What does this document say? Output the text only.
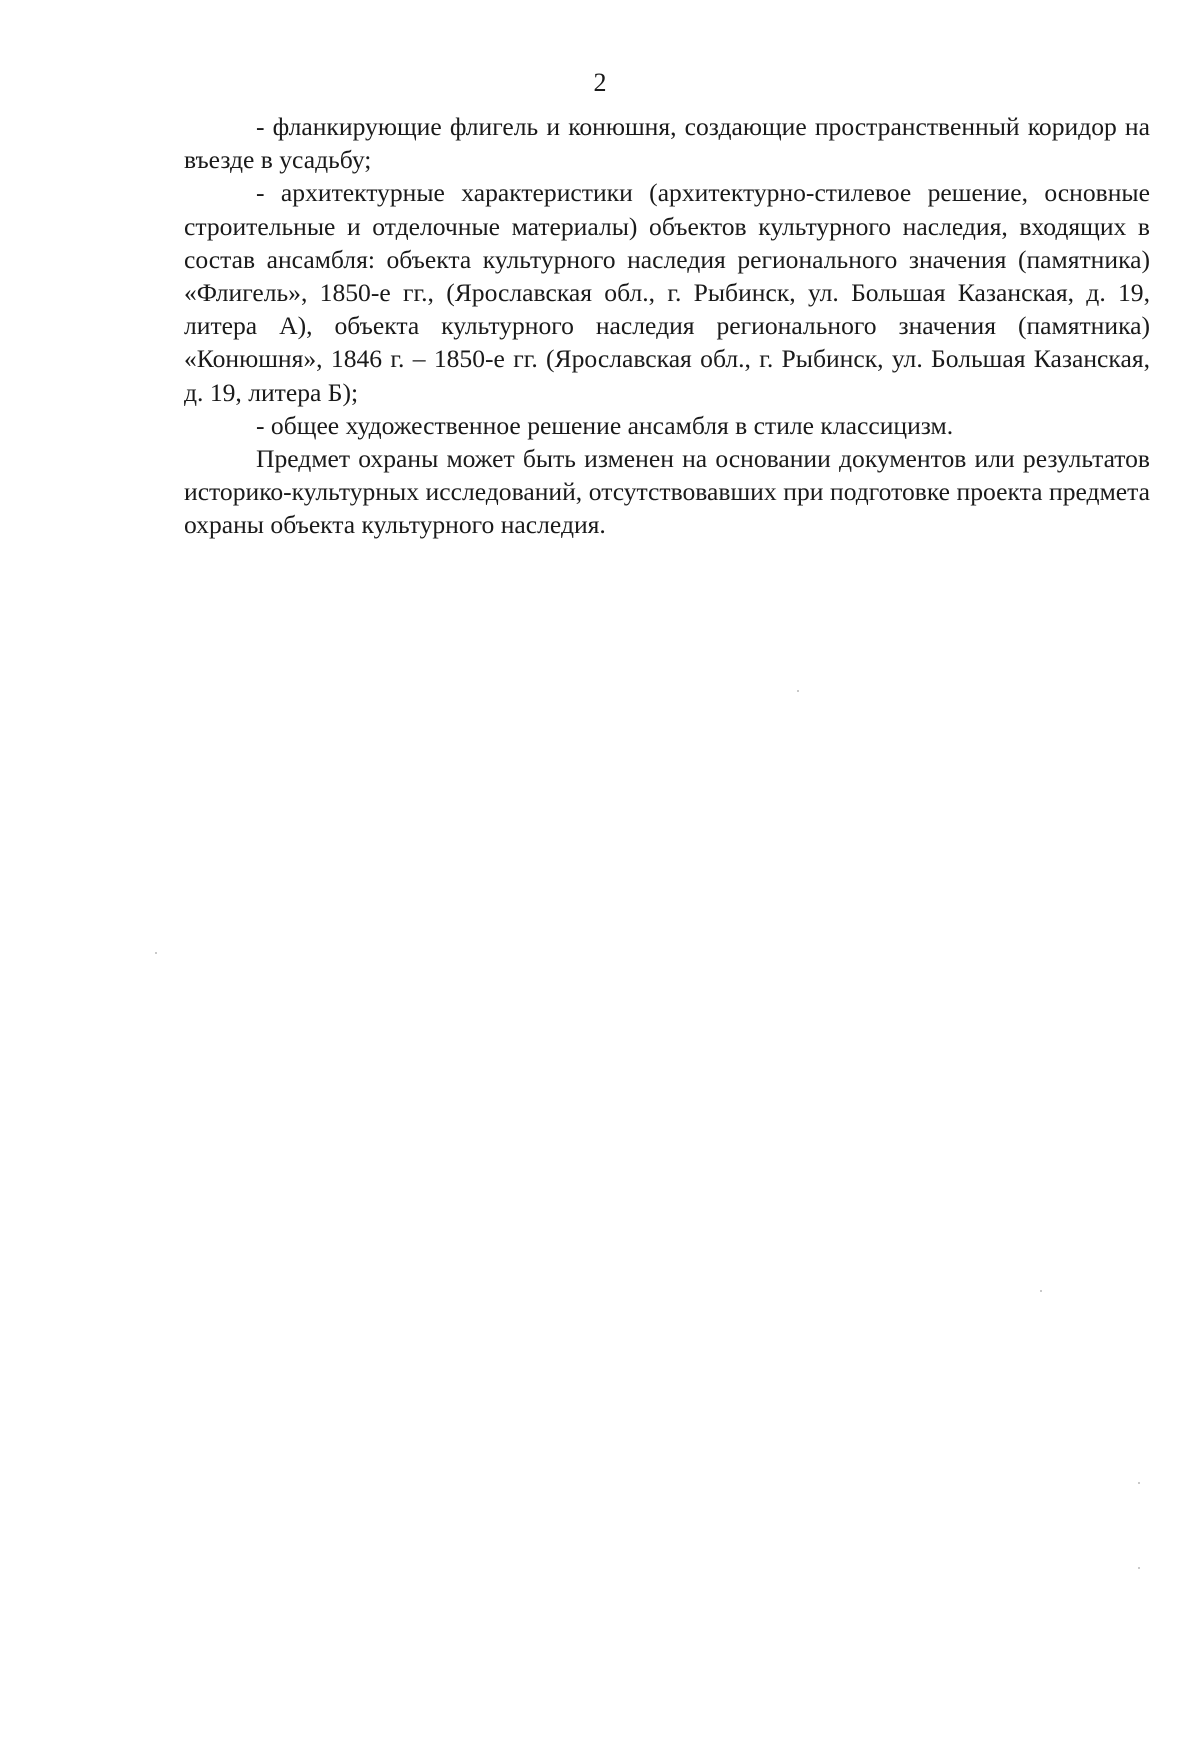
2

- фланкирующие флигель и конюшня, создающие пространственный коридор на въезде в усадьбу;

- архитектурные характеристики (архитектурно-стилевое решение, основные строительные и отделочные материалы) объектов культурного наследия, входящих в состав ансамбля: объекта культурного наследия регионального значения (памятника) «Флигель», 1850-е гг., (Ярославская обл., г. Рыбинск, ул. Большая Казанская, д. 19, литера А), объекта культурного наследия регионального значения (памятника) «Конюшня», 1846 г. – 1850-е гг. (Ярославская обл., г. Рыбинск, ул. Большая Казанская, д. 19, литера Б);

- общее художественное решение ансамбля в стиле классицизм.

Предмет охраны может быть изменен на основании документов или результатов историко-культурных исследований, отсутствовавших при подготовке проекта предмета охраны объекта культурного наследия.
